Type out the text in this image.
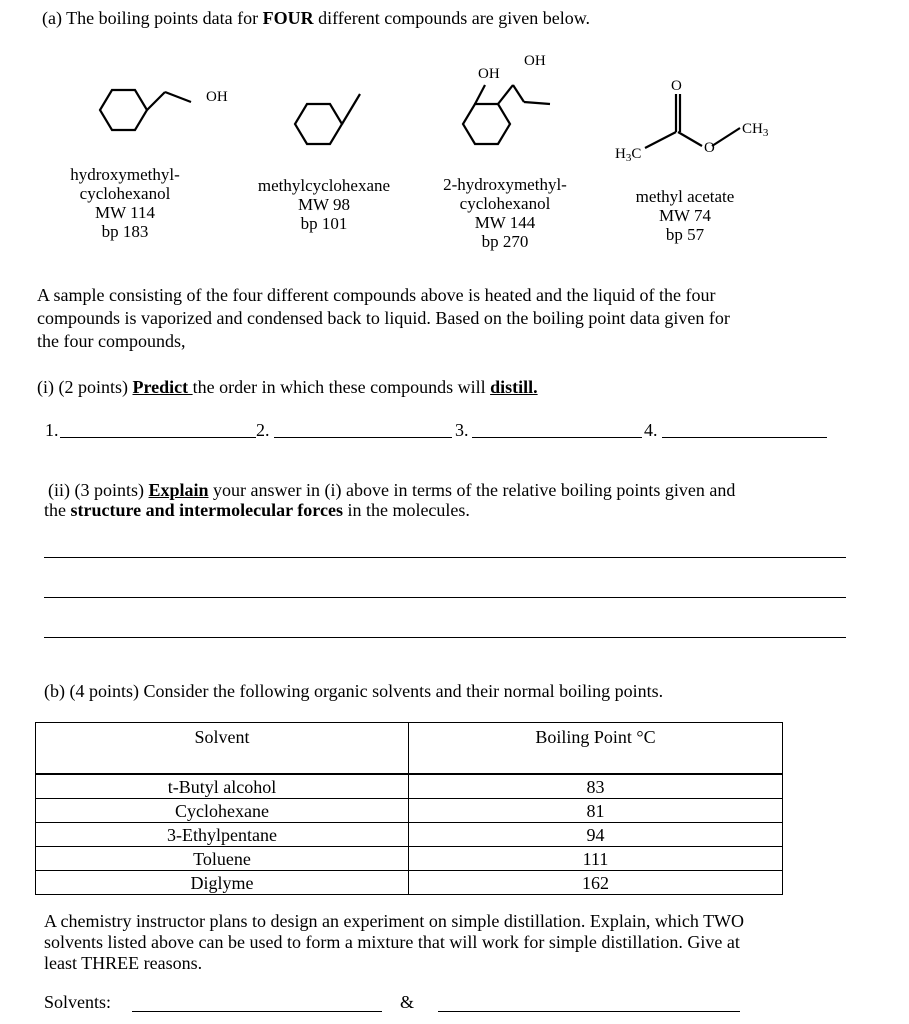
(a) The boiling points data for FOUR different compounds are given below.
OH
hydroxymethyl-
cyclohexanol
MW 114
bp 183
methylcyclohexane
MW 98
bp 101
OH
OH
2-hydroxymethyl-
cyclohexanol
MW 144
bp 270
O
O
$H_3C$
$CH_3$
methyl acetate
MW 74
bp 57
A sample consisting of the four different compounds above is heated and the liquid of the four
compounds is vaporized and condensed back to liquid. Based on the boiling point data given for
the four compounds,
(i) (2 points) Predict the order in which these compounds will distill.
1.	2.	3.	4.
(ii) (3 points) Explain your answer in (i) above in terms of the relative boiling points given and
the structure and intermolecular forces in the molecules.
(b) (4 points) Consider the following organic solvents and their normal boiling points.
Solvent	Boiling Point °C
t-Butyl alcohol	83
Cyclohexane	81
3-Ethylpentane	94
Toluene	111
Diglyme	162
A chemistry instructor plans to design an experiment on simple distillation. Explain, which TWO
solvents listed above can be used to form a mixture that will work for simple distillation. Give at
least THREE reasons.
Solvents:	&
